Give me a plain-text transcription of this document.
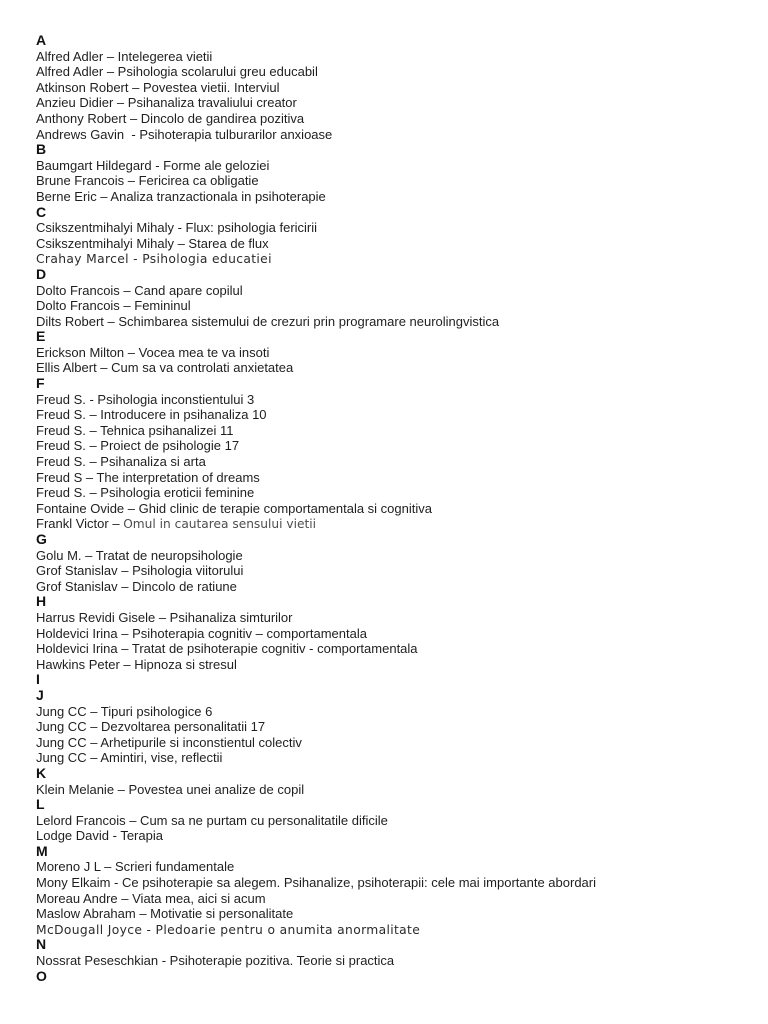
A
Alfred Adler – Intelegerea vietii
Alfred Adler – Psihologia scolarului greu educabil
Atkinson Robert – Povestea vietii. Interviul
Anzieu Didier – Psihanaliza travaliului creator
Anthony Robert – Dincolo de gandirea pozitiva
Andrews Gavin  - Psihoterapia tulburarilor anxioase
B
Baumgart Hildegard - Forme ale geloziei
Brune Francois – Fericirea ca obligatie
Berne Eric – Analiza tranzactionala in psihoterapie
C
Csikszentmihalyi Mihaly - Flux: psihologia fericirii
Csikszentmihalyi Mihaly – Starea de flux
Crahay Marcel - Psihologia educatiei
D
Dolto Francois – Cand apare copilul
Dolto Francois – Femininul
Dilts Robert – Schimbarea sistemului de crezuri prin programare neurolingvistica
E
Erickson Milton – Vocea mea te va insoti
Ellis Albert – Cum sa va controlati anxietatea
F
Freud S. - Psihologia inconstientului 3
Freud S. – Introducere in psihanaliza 10
Freud S. – Tehnica psihanalizei 11
Freud S. – Proiect de psihologie 17
Freud S. – Psihanaliza si arta
Freud S – The interpretation of dreams
Freud S. – Psihologia eroticii feminine
Fontaine Ovide – Ghid clinic de terapie comportamentala si cognitiva
Frankl Victor – Omul in cautarea sensului vietii
G
Golu M. – Tratat de neuropsihologie
Grof Stanislav – Psihologia viitorului
Grof Stanislav – Dincolo de ratiune
H
Harrus Revidi Gisele – Psihanaliza simturilor
Holdevici Irina – Psihoterapia cognitiv – comportamentala
Holdevici Irina – Tratat de psihoterapie cognitiv - comportamentala
Hawkins Peter – Hipnoza si stresul
I
J
Jung CC – Tipuri psihologice 6
Jung CC – Dezvoltarea personalitatii 17
Jung CC – Arhetipurile si inconstientul colectiv
Jung CC – Amintiri, vise, reflectii
K
Klein Melanie – Povestea unei analize de copil
L
Lelord Francois – Cum sa ne purtam cu personalitatile dificile
Lodge David - Terapia
M
Moreno J L – Scrieri fundamentale
Mony Elkaim - Ce psihoterapie sa alegem. Psihanalize, psihoterapii: cele mai importante abordari
Moreau Andre – Viata mea, aici si acum
Maslow Abraham – Motivatie si personalitate
McDougall Joyce - Pledoarie pentru o anumita anormalitate
N
Nossrat Peseschkian - Psihoterapie pozitiva. Teorie si practica
O
